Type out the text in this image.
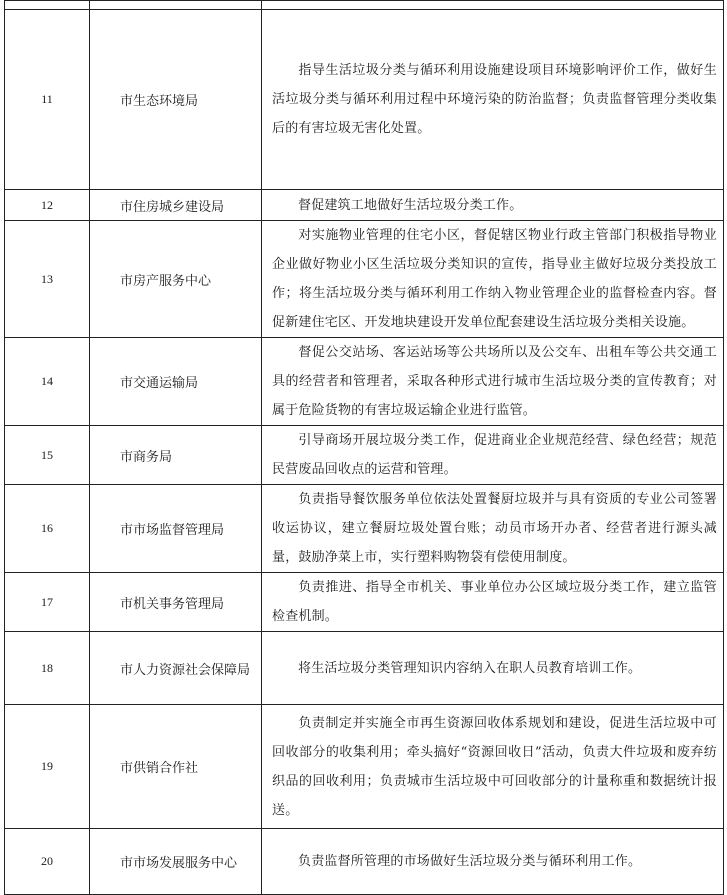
11	市生态环境局	指导生活垃圾分类与循环利用设施建设项目环境影响评价工作，做好生活垃圾分类与循环利用过程中环境污染的防治监督；负责监督管理分类收集后的有害垃圾无害化处置。
12	市住房城乡建设局	督促建筑工地做好生活垃圾分类工作。
13	市房产服务中心	对实施物业管理的住宅小区，督促辖区物业行政主管部门积极指导物业企业做好物业小区生活垃圾分类知识的宣传，指导业主做好垃圾分类投放工作；将生活垃圾分类与循环利用工作纳入物业管理企业的监督检查内容。督促新建住宅区、开发地块建设开发单位配套建设生活垃圾分类相关设施。
14	市交通运输局	督促公交站场、客运站场等公共场所以及公交车、出租车等公共交通工具的经营者和管理者，采取各种形式进行城市生活垃圾分类的宣传教育；对属于危险货物的有害垃圾运输企业进行监管。
15	市商务局	引导商场开展垃圾分类工作，促进商业企业规范经营、绿色经营；规范民营废品回收点的运营和管理。
16	市市场监督管理局	负责指导餐饮服务单位依法处置餐厨垃圾并与具有资质的专业公司签署收运协议，建立餐厨垃圾处置台账；动员市场开办者、经营者进行源头减量，鼓励净菜上市，实行塑料购物袋有偿使用制度。
17	市机关事务管理局	负责推进、指导全市机关、事业单位办公区域垃圾分类工作，建立监管检查机制。
18	市人力资源社会保障局	将生活垃圾分类管理知识内容纳入在职人员教育培训工作。
19	市供销合作社	负责制定并实施全市再生资源回收体系规划和建设，促进生活垃圾中可回收部分的收集利用；牵头搞好“资源回收日”活动，负责大件垃圾和废弃纺织品的回收利用；负责城市生活垃圾中可回收部分的计量称重和数据统计报送。
20	市市场发展服务中心	负责监督所管理的市场做好生活垃圾分类与循环利用工作。
